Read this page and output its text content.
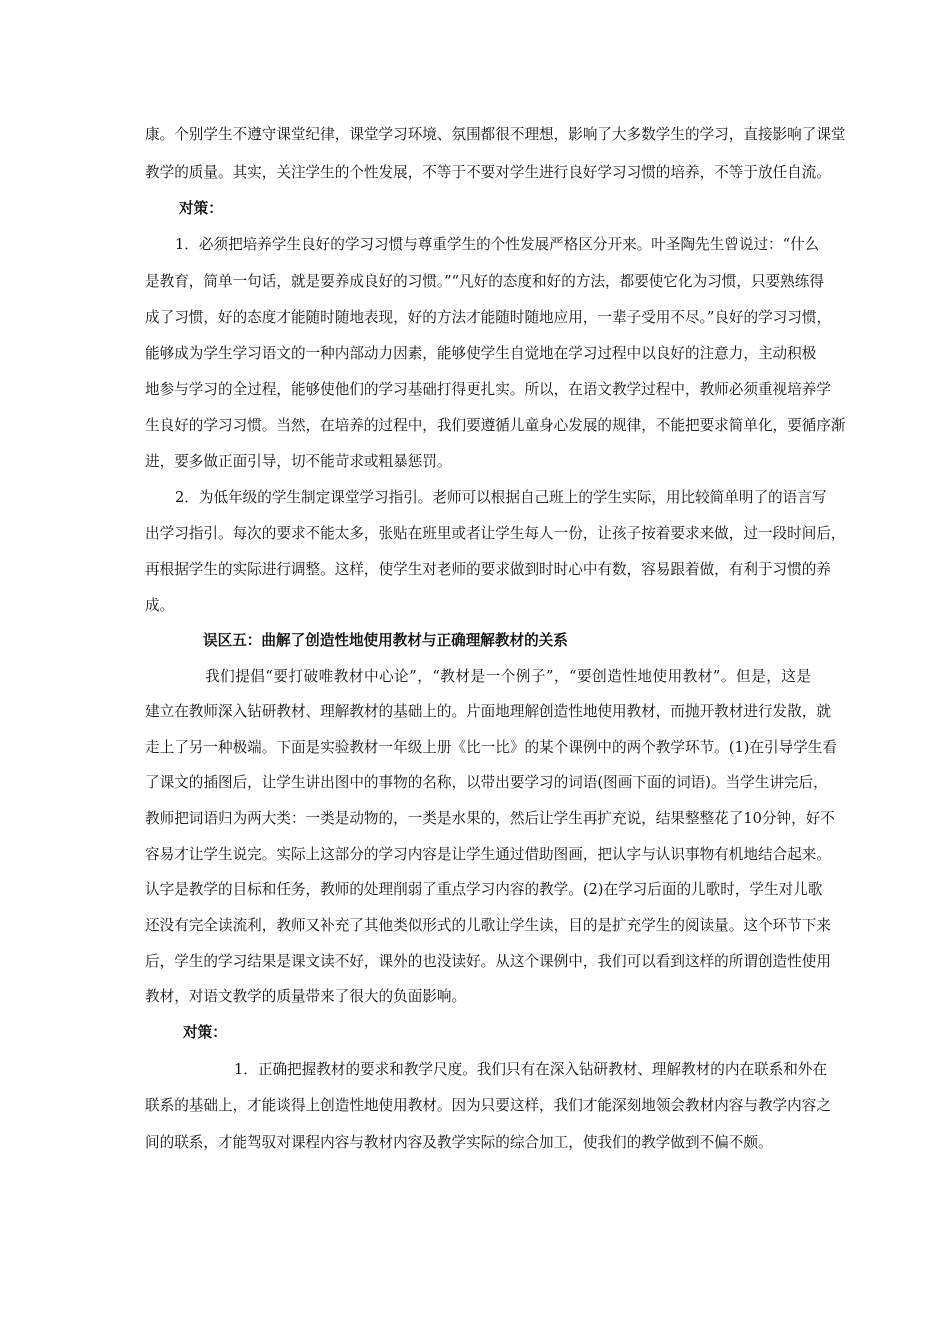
康。个别学生不遵守课堂纪律，课堂学习环境、氛围都很不理想，影响了大多数学生的学习，直接影响了课堂
教学的质量。其实，关注学生的个性发展，不等于不要对学生进行良好学习习惯的培养，不等于放任自流。
对策：
1．必须把培养学生良好的学习习惯与尊重学生的个性发展严格区分开来。叶圣陶先生曾说过：“什么
是教育，简单一句话，就是要养成良好的习惯。”“凡好的态度和好的方法，都要使它化为习惯，只要熟练得
成了习惯，好的态度才能随时随地表现，好的方法才能随时随地应用，一辈子受用不尽。”良好的学习习惯，
能够成为学生学习语文的一种内部动力因素，能够使学生自觉地在学习过程中以良好的注意力，主动积极
地参与学习的全过程，能够使他们的学习基础打得更扎实。所以，在语文教学过程中，教师必须重视培养学
生良好的学习习惯。当然，在培养的过程中，我们要遵循儿童身心发展的规律，不能把要求简单化，要循序渐
进，要多做正面引导，切不能苛求或粗暴惩罚。
2．为低年级的学生制定课堂学习指引。老师可以根据自己班上的学生实际，用比较简单明了的语言写
出学习指引。每次的要求不能太多，张贴在班里或者让学生每人一份，让孩子按着要求来做，过一段时间后，
再根据学生的实际进行调整。这样，使学生对老师的要求做到时时心中有数，容易跟着做，有利于习惯的养
成。
误区五：曲解了创造性地使用教材与正确理解教材的关系
我们提倡“要打破唯教材中心论”，“教材是一个例子”，“要创造性地使用教材”。但是，这是
建立在教师深入钻研教材、理解教材的基础上的。片面地理解创造性地使用教材，而抛开教材进行发散，就
走上了另一种极端。下面是实验教材一年级上册《比一比》的某个课例中的两个教学环节。(1)在引导学生看
了课文的插图后，让学生讲出图中的事物的名称，以带出要学习的词语(图画下面的词语)。当学生讲完后，
教师把词语归为两大类：一类是动物的，一类是水果的，然后让学生再扩充说，结果整整花了10分钟，好不
容易才让学生说完。实际上这部分的学习内容是让学生通过借助图画，把认字与认识事物有机地结合起来。
认字是教学的目标和任务，教师的处理削弱了重点学习内容的教学。(2)在学习后面的儿歌时，学生对儿歌
还没有完全读流利，教师又补充了其他类似形式的儿歌让学生读，目的是扩充学生的阅读量。这个环节下来
后，学生的学习结果是课文读不好，课外的也没读好。从这个课例中，我们可以看到这样的所谓创造性使用
教材，对语文教学的质量带来了很大的负面影响。
对策：
1．正确把握教材的要求和教学尺度。我们只有在深入钻研教材、理解教材的内在联系和外在
联系的基础上，才能谈得上创造性地使用教材。因为只要这样，我们才能深刻地领会教材内容与教学内容之
间的联系，才能驾驭对课程内容与教材内容及教学实际的综合加工，使我们的教学做到不偏不颇。
